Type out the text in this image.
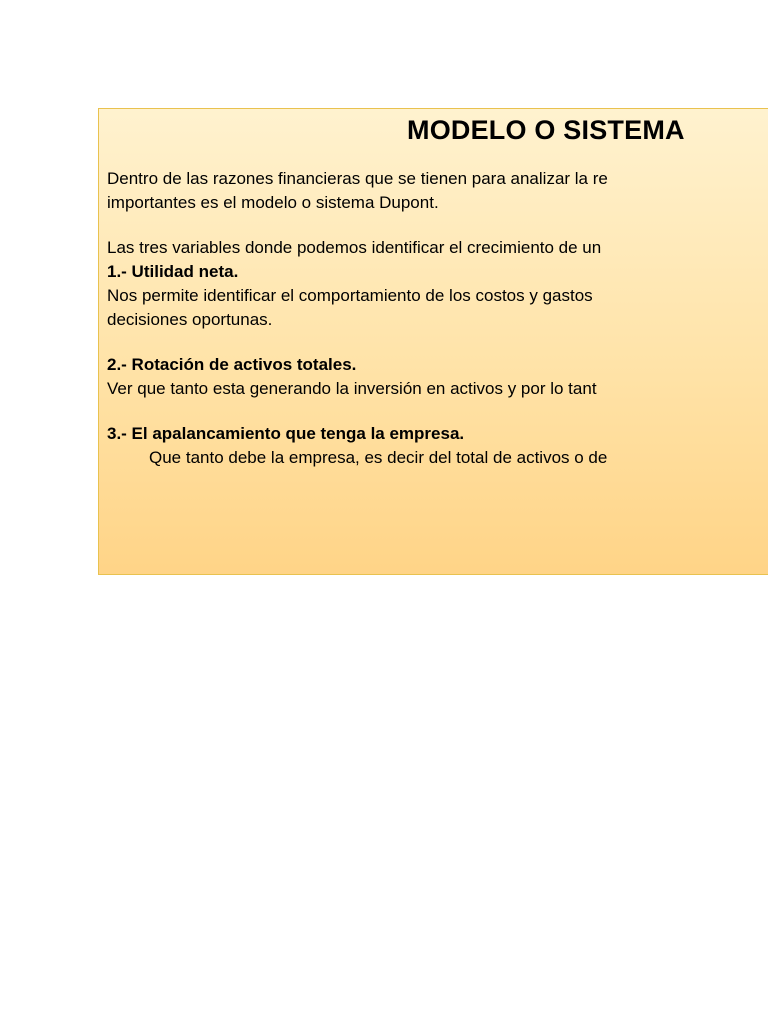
MODELO O SISTEMA
Dentro de las razones financieras que se tienen para analizar la re
importantes es el modelo o sistema Dupont.
Las tres variables donde podemos identificar el crecimiento de un
1.- Utilidad neta.
Nos permite identificar el comportamiento de los costos y gastos
decisiones oportunas.
2.- Rotación de activos totales.
Ver que tanto esta generando la inversión en activos y por lo tant
3.- El apalancamiento que tenga la empresa.
Que tanto debe la empresa, es decir del total de activos o de
